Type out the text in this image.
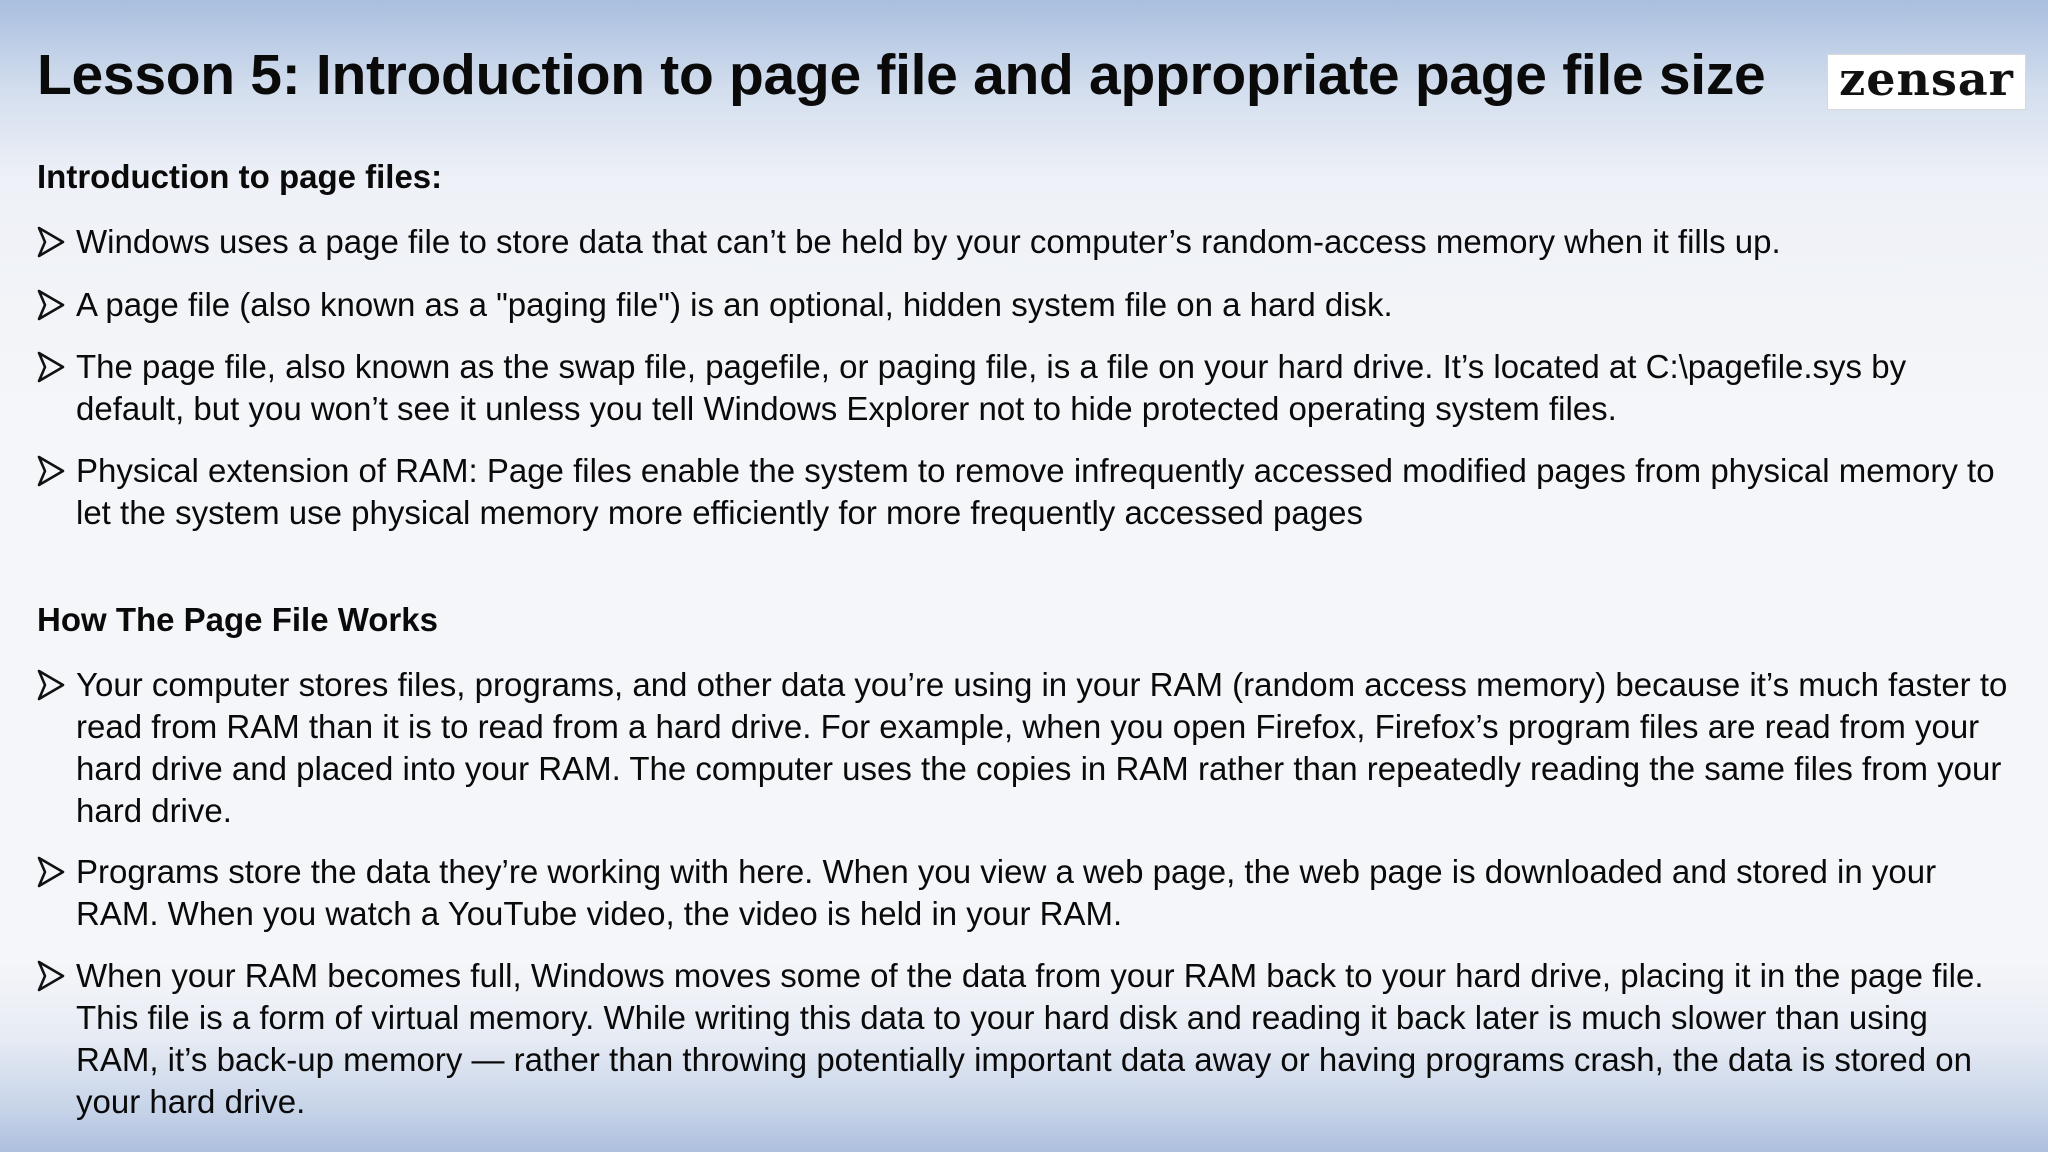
Lesson 5: Introduction to page file and appropriate page file size zensar
Introduction to page files:
Windows uses a page file to store data that can’t be held by your computer’s random-access memory when it fills up.
A page file (also known as a "paging file") is an optional, hidden system file on a hard disk.
The page file, also known as the swap file, pagefile, or paging file, is a file on your hard drive. It’s located at C:\pagefile.sys by default, but you won’t see it unless you tell Windows Explorer not to hide protected operating system files.
Physical extension of RAM: Page files enable the system to remove infrequently accessed modified pages from physical memory to let the system use physical memory more efficiently for more frequently accessed pages
How The Page File Works
Your computer stores files, programs, and other data you’re using in your RAM (random access memory) because it’s much faster to read from RAM than it is to read from a hard drive. For example, when you open Firefox, Firefox’s program files are read from your hard drive and placed into your RAM. The computer uses the copies in RAM rather than repeatedly reading the same files from your hard drive.
Programs store the data they’re working with here. When you view a web page, the web page is downloaded and stored in your RAM. When you watch a YouTube video, the video is held in your RAM.
When your RAM becomes full, Windows moves some of the data from your RAM back to your hard drive, placing it in the page file. This file is a form of virtual memory. While writing this data to your hard disk and reading it back later is much slower than using RAM, it’s back-up memory — rather than throwing potentially important data away or having programs crash, the data is stored on your hard drive.
